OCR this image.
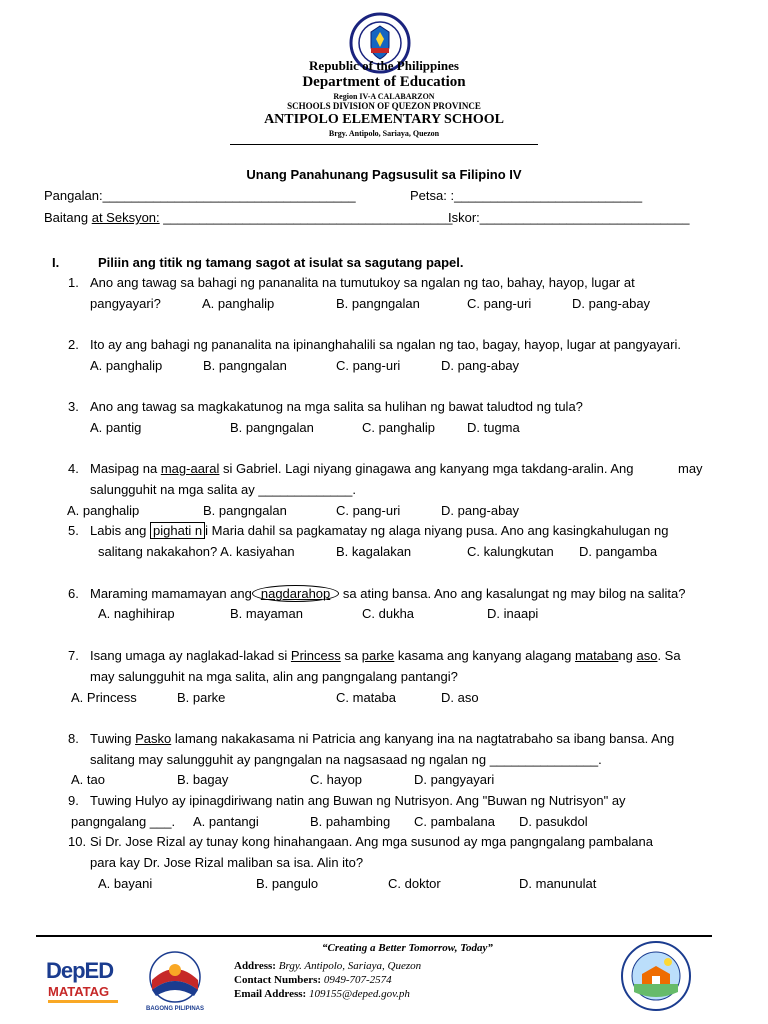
Republic of the Philippines
Department of Education
Region IV-A CALABARZON
SCHOOLS DIVISION OF QUEZON PROVINCE
ANTIPOLO ELEMENTARY SCHOOL
Brgy. Antipolo, Sariaya, Quezon
Unang Panahunang Pagsusulit sa Filipino IV
Pangalan:___________________________________	Petsa: :__________________________
Baitang at Seksyon: ________________________________________
Iskor:_____________________________
I.	Piliin ang titik ng tamang sagot at isulat sa sagutang papel.
1. Ano ang tawag sa bahagi ng pananalita na tumutukoy sa ngalan ng tao, bahay, hayop, lugar at
pangyayari?	A. panghalip	B. pangngalan	C. pang-uri	D. pang-abay
2. Ito ay ang bahagi ng pananalita na ipinanghahalili sa ngalan ng tao, bagay, hayop, lugar at pangyayari.
A. panghalip	B. pangngalan	C. pang-uri	D. pang-abay
3. Ano ang tawag sa magkakatunog na mga salita sa hulihan ng bawat taludtod ng tula?
A. pantig	B. pangngalan	C. panghalip D. tugma
4. Masipag na mag-aaral si Gabriel. Lagi niyang ginagawa ang kanyang mga takdang-aralin. Ang	may
salungguhit na mga salita ay _____________.
A. panghalip	B. pangngalan	C. pang-uri	D. pang-abay
5. Labis ang pighati n i Maria dahil sa pagkamatay ng alaga niyang pusa. Ano ang kasingkahulugan ng
salitang nakakahon? A. kasiyahan	B. kagalakan	C. kalungkutan D. pangamba
6. Maraming mamamayan ang nagdarahop sa ating bansa. Ano ang kasalungat ng may bilog na salita?
A. naghihirap	B. mayaman	C. dukha	D. inaapi
7. Isang umaga ay naglakad-lakad si Princess sa parke kasama ang kanyang alagang matabang aso. Sa
may salungguhit na mga salita, alin ang pangngalang pantangi?
A. Princess	B. parke	C. mataba	D. aso
8. Tuwing Pasko lamang nakakasama ni Patricia ang kanyang ina na nagtatrabaho sa ibang bansa. Ang
salitang may salungguhit ay pangngalan na nagsasaad ng ngalan ng _______________.
A. tao	B. bagay	C. hayop	D. pangyayari
9. Tuwing Hulyo ay ipinagdiriwang natin ang Buwan ng Nutrisyon. Ang "Buwan ng Nutrisyon" ay
pangngalang ___. A. pantangi	B. pahambing C. pambalana D. pasukdol
10. Si Dr. Jose Rizal ay tunay kong hinahangaan. Ang mga susunod ay mga pangngalang pambalana
para kay Dr. Jose Rizal maliban sa isa. Alin ito?
A. bayani	B. pangulo	C. doktor	D. manunulat
DepED
MATATAG
BAGONG PILIPINAS
“Creating a Better Tomorrow, Today”
Address: Brgy. Antipolo, Sariaya, Quezon
Contact Numbers: 0949-707-2574
Email Address: 109155@deped.gov.ph
